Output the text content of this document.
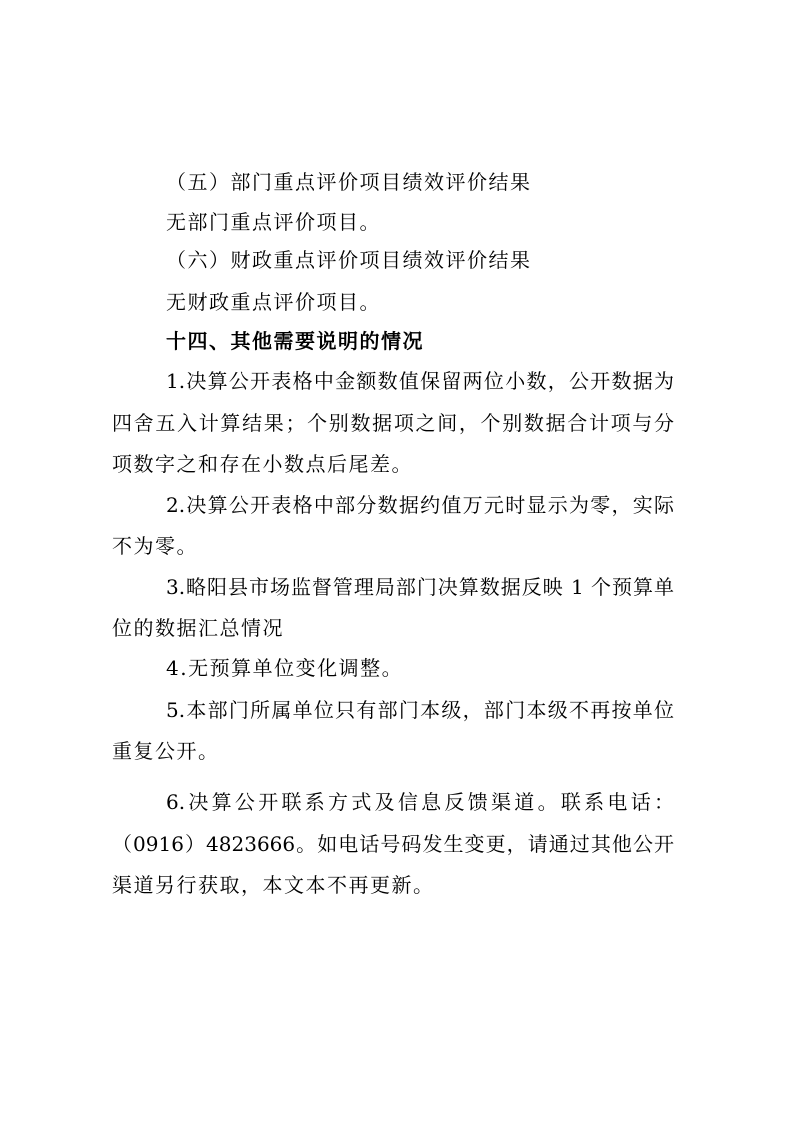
（五）部门重点评价项目绩效评价结果
无部门重点评价项目。
（六）财政重点评价项目绩效评价结果
无财政重点评价项目。
十四、其他需要说明的情况
1.决算公开表格中金额数值保留两位小数，公开数据为
四舍五入计算结果；个别数据项之间，个别数据合计项与分
项数字之和存在小数点后尾差。
2.决算公开表格中部分数据约值万元时显示为零，实际
不为零。
3.略阳县市场监督管理局部门决算数据反映 1 个预算单
位的数据汇总情况
4.无预算单位变化调整。
5.本部门所属单位只有部门本级，部门本级不再按单位
重复公开。
6.决算公开联系方式及信息反馈渠道。联系电话：
（0916）4823666。如电话号码发生变更，请通过其他公开
渠道另行获取，本文本不再更新。
